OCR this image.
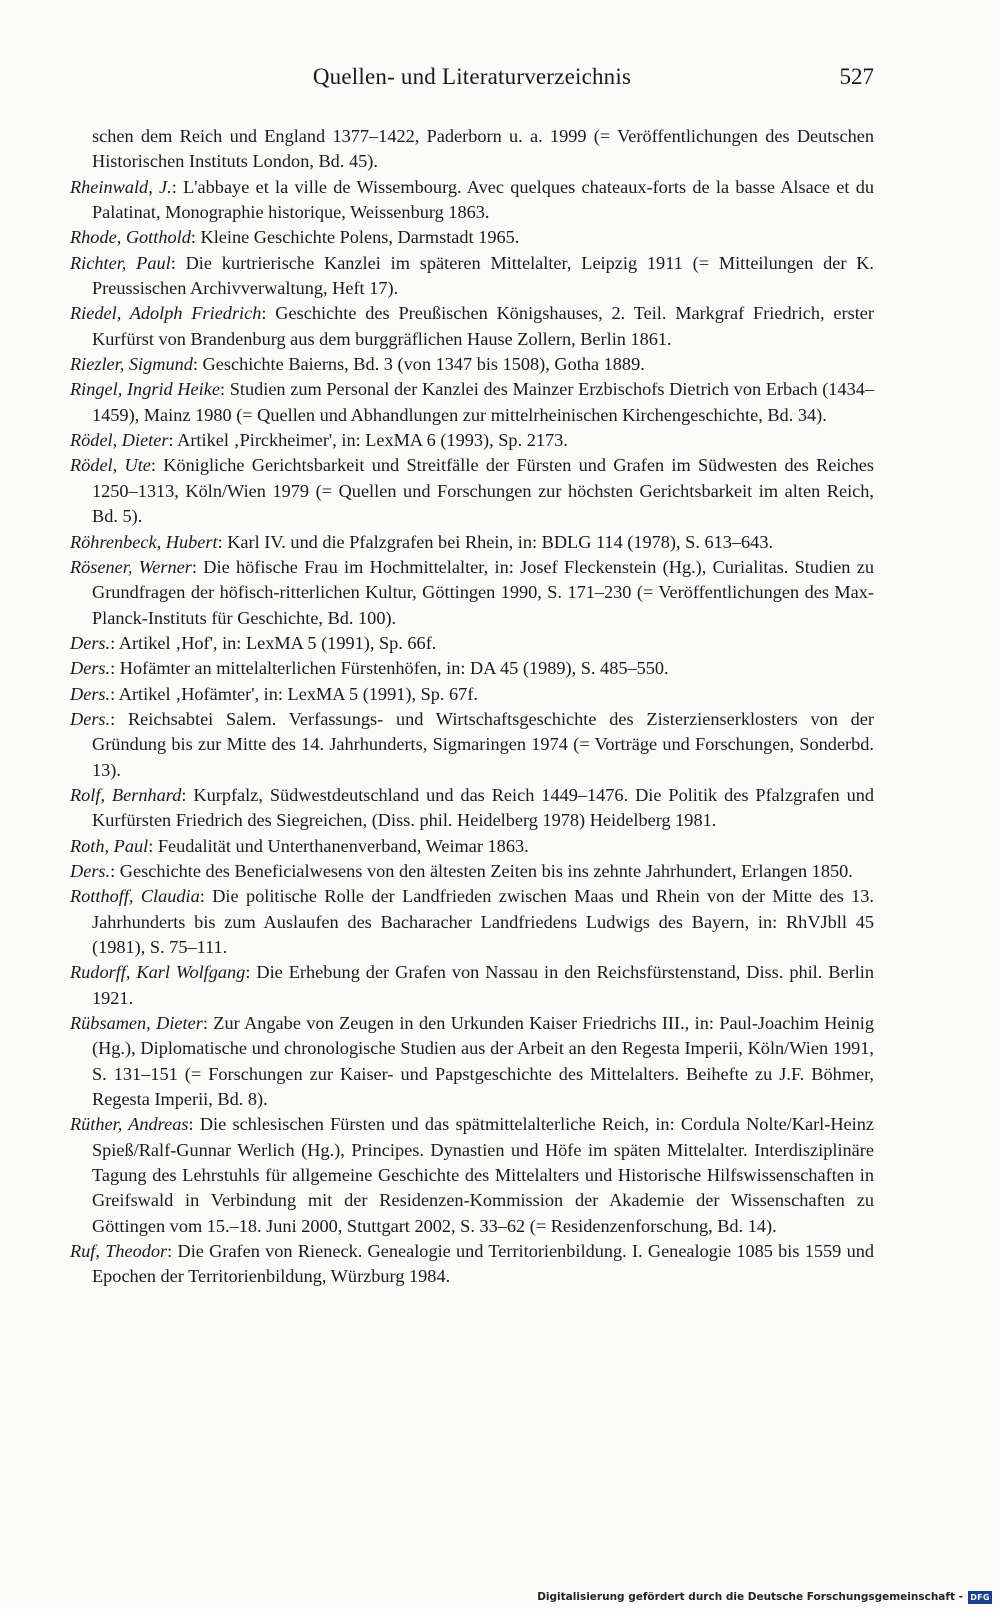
Quellen- und Literaturverzeichnis	527

schen dem Reich und England 1377–1422, Paderborn u. a. 1999 (= Veröffentlichungen des Deutschen Historischen Instituts London, Bd. 45).

Rheinwald, J.: L'abbaye et la ville de Wissembourg. Avec quelques chateaux-forts de la basse Alsace et du Palatinat, Monographie historique, Weissenburg 1863.

Rhode, Gotthold: Kleine Geschichte Polens, Darmstadt 1965.

Richter, Paul: Die kurtrierische Kanzlei im späteren Mittelalter, Leipzig 1911 (= Mitteilungen der K. Preussischen Archivverwaltung, Heft 17).

Riedel, Adolph Friedrich: Geschichte des Preußischen Königshauses, 2. Teil. Markgraf Friedrich, erster Kurfürst von Brandenburg aus dem burggräflichen Hause Zollern, Berlin 1861.

Riezler, Sigmund: Geschichte Baierns, Bd. 3 (von 1347 bis 1508), Gotha 1889.

Ringel, Ingrid Heike: Studien zum Personal der Kanzlei des Mainzer Erzbischofs Dietrich von Erbach (1434–1459), Mainz 1980 (= Quellen und Abhandlungen zur mittelrheinischen Kirchengeschichte, Bd. 34).

Rödel, Dieter: Artikel ‚Pirckheimer', in: LexMA 6 (1993), Sp. 2173.

Rödel, Ute: Königliche Gerichtsbarkeit und Streitfälle der Fürsten und Grafen im Südwesten des Reiches 1250–1313, Köln/Wien 1979 (= Quellen und Forschungen zur höchsten Gerichtsbarkeit im alten Reich, Bd. 5).

Röhrenbeck, Hubert: Karl IV. und die Pfalzgrafen bei Rhein, in: BDLG 114 (1978), S. 613–643.

Rösener, Werner: Die höfische Frau im Hochmittelalter, in: Josef Fleckenstein (Hg.), Curialitas. Studien zu Grundfragen der höfisch-ritterlichen Kultur, Göttingen 1990, S. 171–230 (= Veröffentlichungen des Max-Planck-Instituts für Geschichte, Bd. 100).

Ders.: Artikel ‚Hof', in: LexMA 5 (1991), Sp. 66f.

Ders.: Hofämter an mittelalterlichen Fürstenhöfen, in: DA 45 (1989), S. 485–550.

Ders.: Artikel ‚Hofämter', in: LexMA 5 (1991), Sp. 67f.

Ders.: Reichsabtei Salem. Verfassungs- und Wirtschaftsgeschichte des Zisterzienserklosters von der Gründung bis zur Mitte des 14. Jahrhunderts, Sigmaringen 1974 (= Vorträge und Forschungen, Sonderbd. 13).

Rolf, Bernhard: Kurpfalz, Südwestdeutschland und das Reich 1449–1476. Die Politik des Pfalzgrafen und Kurfürsten Friedrich des Siegreichen, (Diss. phil. Heidelberg 1978) Heidelberg 1981.

Roth, Paul: Feudalität und Unterthanenverband, Weimar 1863.

Ders.: Geschichte des Beneficialwesens von den ältesten Zeiten bis ins zehnte Jahrhundert, Erlangen 1850.

Rotthoff, Claudia: Die politische Rolle der Landfrieden zwischen Maas und Rhein von der Mitte des 13. Jahrhunderts bis zum Auslaufen des Bacharacher Landfriedens Ludwigs des Bayern, in: RhVJbll 45 (1981), S. 75–111.

Rudorff, Karl Wolfgang: Die Erhebung der Grafen von Nassau in den Reichsfürstenstand, Diss. phil. Berlin 1921.

Rübsamen, Dieter: Zur Angabe von Zeugen in den Urkunden Kaiser Friedrichs III., in: Paul-Joachim Heinig (Hg.), Diplomatische und chronologische Studien aus der Arbeit an den Regesta Imperii, Köln/Wien 1991, S. 131–151 (= Forschungen zur Kaiser- und Papstgeschichte des Mittelalters. Beihefte zu J.F. Böhmer, Regesta Imperii, Bd. 8).

Rüther, Andreas: Die schlesischen Fürsten und das spätmittelalterliche Reich, in: Cordula Nolte/Karl-Heinz Spieß/Ralf-Gunnar Werlich (Hg.), Principes. Dynastien und Höfe im späten Mittelalter. Interdisziplinäre Tagung des Lehrstuhls für allgemeine Geschichte des Mittelalters und Historische Hilfswissenschaften in Greifswald in Verbindung mit der Residenzen-Kommission der Akademie der Wissenschaften zu Göttingen vom 15.–18. Juni 2000, Stuttgart 2002, S. 33–62 (= Residenzenforschung, Bd. 14).

Ruf, Theodor: Die Grafen von Rieneck. Genealogie und Territorienbildung. I. Genealogie 1085 bis 1559 und Epochen der Territorienbildung, Würzburg 1984.

Digitalisierung gefördert durch die Deutsche Forschungsgemeinschaft - DFG
